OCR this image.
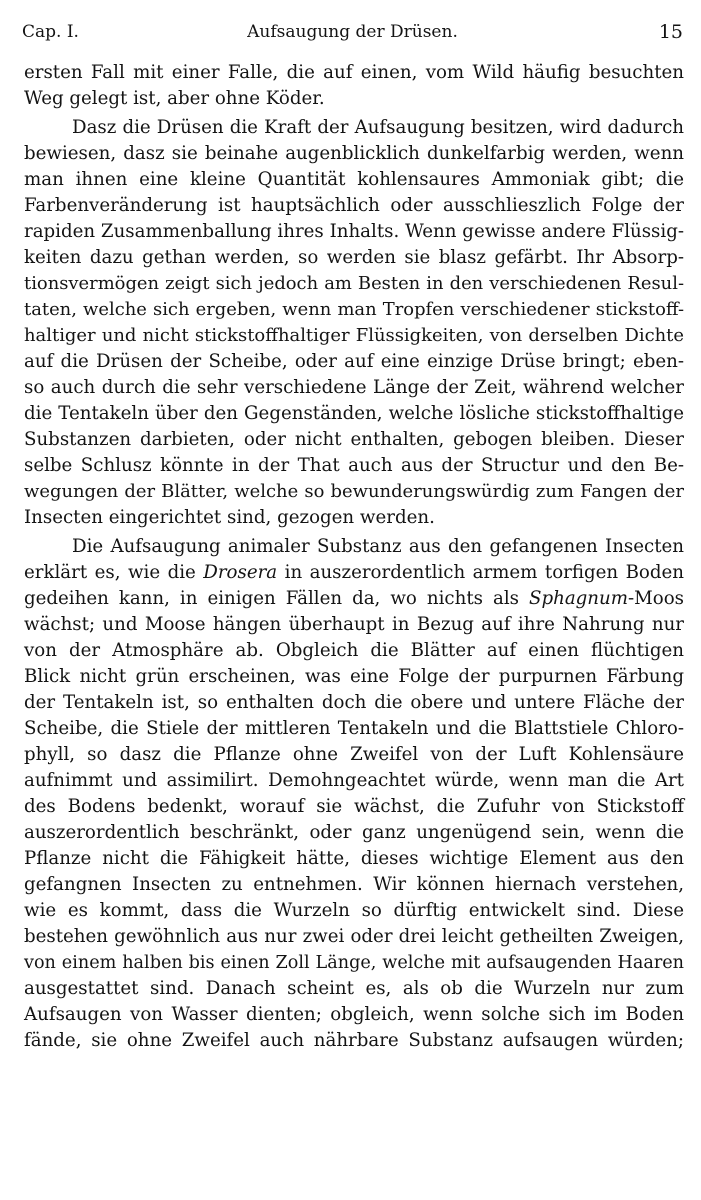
Cap. I.	Aufsaugung der Drüsen.	15
ersten Fall mit einer Falle, die auf einen, vom Wild häufig besuchten
Weg gelegt ist, aber ohne Köder.
Dasz die Drüsen die Kraft der Aufsaugung besitzen, wird dadurch
bewiesen, dasz sie beinahe augenblicklich dunkelfarbig werden, wenn
man ihnen eine kleine Quantität kohlensaures Ammoniak gibt; die
Farbenveränderung ist hauptsächlich oder ausschlieszlich Folge der
rapiden Zusammenballung ihres Inhalts. Wenn gewisse andere Flüssig-
keiten dazu gethan werden, so werden sie blasz gefärbt. Ihr Absorp-
tionsvermögen zeigt sich jedoch am Besten in den verschiedenen Resul-
taten, welche sich ergeben, wenn man Tropfen verschiedener stickstoff-
haltiger und nicht stickstoffhaltiger Flüssigkeiten, von derselben Dichte
auf die Drüsen der Scheibe, oder auf eine einzige Drüse bringt; eben-
so auch durch die sehr verschiedene Länge der Zeit, während welcher
die Tentakeln über den Gegenständen, welche lösliche stickstoffhaltige
Substanzen darbieten, oder nicht enthalten, gebogen bleiben. Dieser
selbe Schlusz könnte in der That auch aus der Structur und den Be-
wegungen der Blätter, welche so bewunderungswürdig zum Fangen der
Insecten eingerichtet sind, gezogen werden.
Die Aufsaugung animaler Substanz aus den gefangenen Insecten
erklärt es, wie die Drosera in auszerordentlich armem torfigen Boden
gedeihen kann, in einigen Fällen da, wo nichts als Sphagnum-Moos
wächst; und Moose hängen überhaupt in Bezug auf ihre Nahrung nur
von der Atmosphäre ab. Obgleich die Blätter auf einen flüchtigen
Blick nicht grün erscheinen, was eine Folge der purpurnen Färbung
der Tentakeln ist, so enthalten doch die obere und untere Fläche der
Scheibe, die Stiele der mittleren Tentakeln und die Blattstiele Chloro-
phyll, so dasz die Pflanze ohne Zweifel von der Luft Kohlensäure
aufnimmt und assimilirt. Demohngeachtet würde, wenn man die Art
des Bodens bedenkt, worauf sie wächst, die Zufuhr von Stickstoff
auszerordentlich beschränkt, oder ganz ungenügend sein, wenn die
Pflanze nicht die Fähigkeit hätte, dieses wichtige Element aus den
gefangnen Insecten zu entnehmen. Wir können hiernach verstehen,
wie es kommt, dass die Wurzeln so dürftig entwickelt sind. Diese
bestehen gewöhnlich aus nur zwei oder drei leicht getheilten Zweigen,
von einem halben bis einen Zoll Länge, welche mit aufsaugenden Haaren
ausgestattet sind. Danach scheint es, als ob die Wurzeln nur zum
Aufsaugen von Wasser dienten; obgleich, wenn solche sich im Boden
fände, sie ohne Zweifel auch nährbare Substanz aufsaugen würden;
